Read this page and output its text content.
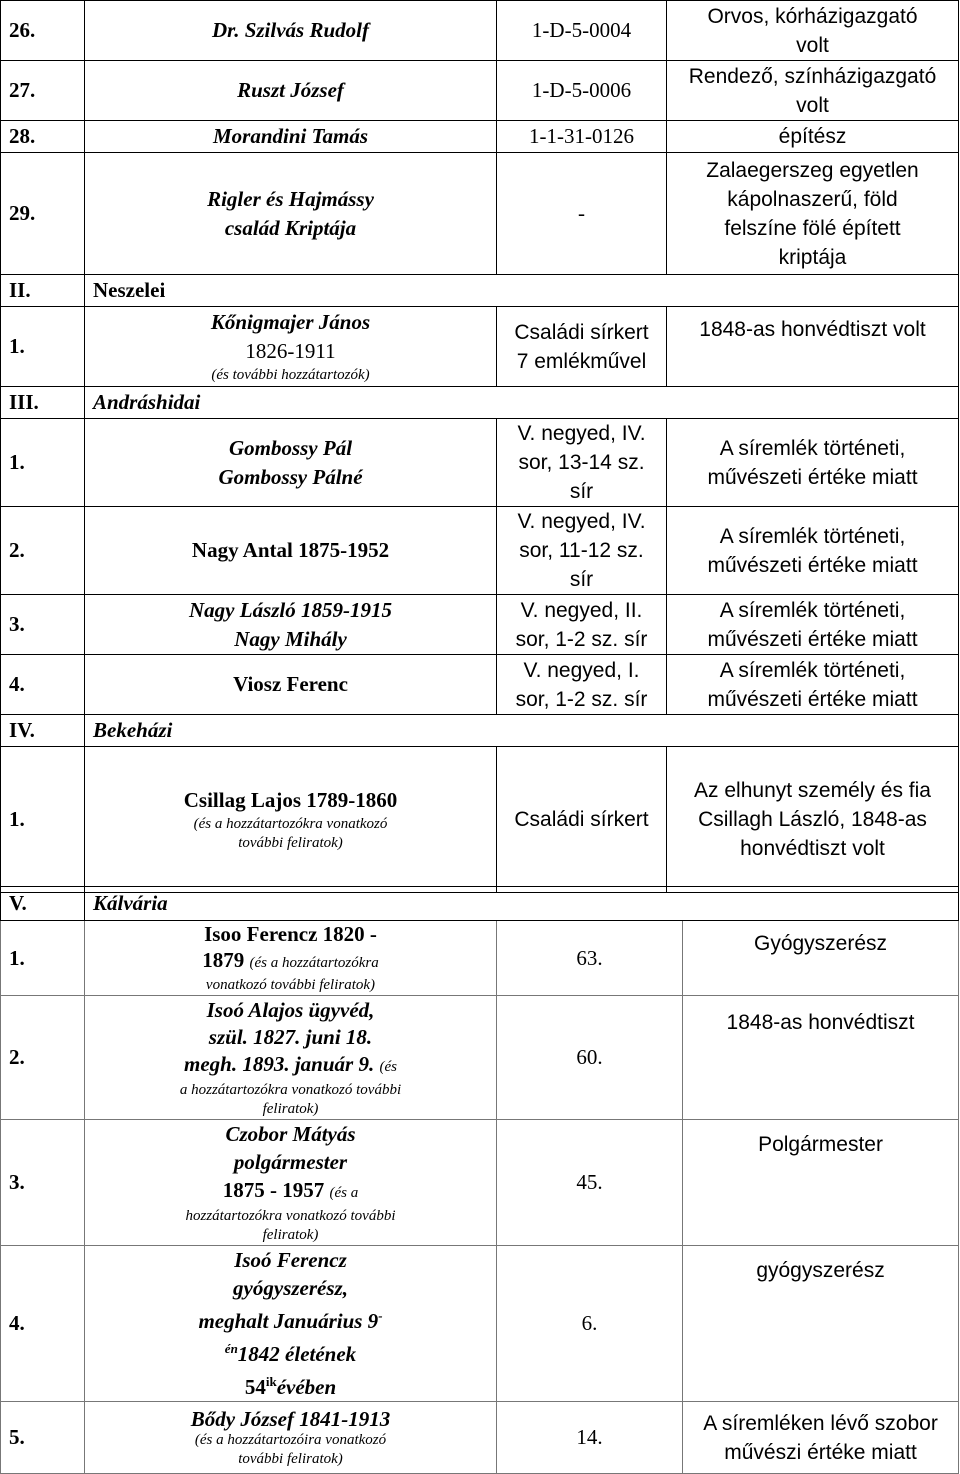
26.	Dr. Szilvás Rudolf	1-D-5-0004	Orvos, kórházigazgató
volt

27.	Ruszt József	1-D-5-0006	Rendező, színházigazgató
volt

28.	Morandini Tamás	1-1-31-0126	építész
29.	Rigler és Hajmássy
család Kriptája	-	Zalaegerszeg egyetlen
kápolnaszerű, föld
felszíne fölé épített
kriptája

II.	Neszelei		
1.	Kőnigmajer János
1826-1911
(és további hozzátartozók)	Családi sírkert
7 emlékművel	1848-as honvédtiszt volt
III.	Andráshidai		
1.	Gombossy Pál
Gombossy Pálné	V. negyed, IV.
sor, 13-14 sz.
sír	A síremlék történeti,
művészeti értéke miatt

2.	Nagy Antal 1875-1952	V. negyed, IV.
sor, 11-12 sz.
sír	A síremlék történeti,
művészeti értéke miatt

3.	Nagy László 1859-1915
Nagy Mihály	V. negyed, II.
sor, 1-2 sz. sír	A síremlék történeti,
művészeti értéke miatt

4.	Viosz Ferenc	V. negyed, I.
sor, 1-2 sz. sír	A síremlék történeti,
művészeti értéke miatt

IV.	Bekeházi		
1.	Csillag Lajos 1789-1860
(és a hozzátartozókra vonatkozó
további feliratok)	Családi sírkert	Az elhunyt személy és fia
Csillagh László, 1848-as
honvédtiszt volt
V.	Kálvária		
1.	Isoo Ferencz 1820 -
1879 (és a hozzátartozókra
vonatkozó további feliratok)	63.	Gyógyszerész
2.	Isoó Alajos ügyvéd,
szül. 1827. juni 18.
megh. 1893. január 9. (és
a hozzátartozókra vonatkozó további
feliratok)	60.	1848-as honvédtiszt
3.	Czobor Mátyás
polgármester
1875 - 1957 (és a
hozzátartozókra vonatkozó további
feliratok)	45.	Polgármester
4.	Isoó Ferencz
gyógyszerész,
meghalt Januárius 9-
$^{én}$1842 életének
$54^{ik}évében$	6.	gyógyszerész
5.	Bődy József 1841-1913
(és a hozzátartozóira vonatkozó
további feliratok)	14.	A síremléken lévő szobor
művészi értéke miatt
